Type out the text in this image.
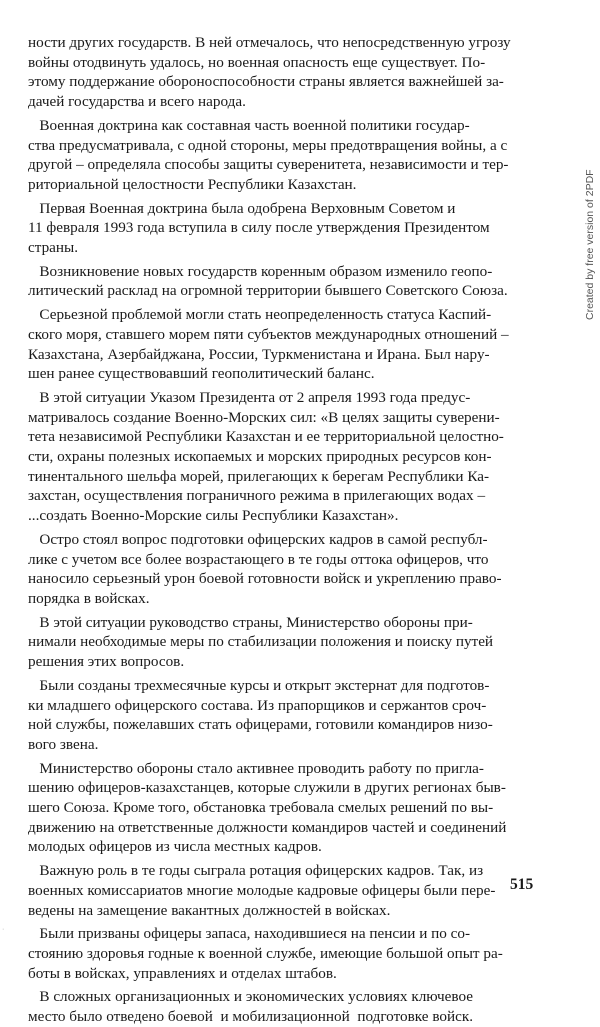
ности других государств. В ней отмечалось, что непосредственную угрозу
войны отодвинуть удалось, но военная опасность еще существует. По-
этому поддержание обороноспособности страны является важнейшей за-
дачей государства и всего народа.
Военная доктрина как составная часть военной политики государ-
ства предусматривала, с одной стороны, меры предотвращения войны, а с
другой – определяла способы защиты суверенитета, независимости и тер-
риториальной целостности Республики Казахстан.
Первая Военная доктрина была одобрена Верховным Советом и
11 февраля 1993 года вступила в силу после утверждения Президентом
страны.
Возникновение новых государств коренным образом изменило геопо-
литический расклад на огромной территории бывшего Советского Союза.
Серьезной проблемой могли стать неопределенность статуса Каспий-
ского моря, ставшего морем пяти субъектов международных отношений –
Казахстана, Азербайджана, России, Туркменистана и Ирана. Был нару-
шен ранее существовавший геополитический баланс.
В этой ситуации Указом Президента от 2 апреля 1993 года предус-
матривалось создание Военно-Морских сил: «В целях защиты суверени-
тета независимой Республики Казахстан и ее территориальной целостно-
сти, охраны полезных ископаемых и морских природных ресурсов кон-
тинентального шельфа морей, прилегающих к берегам Республики Ка-
захстан, осуществления пограничного режима в прилегающих водах –
...создать Военно-Морские силы Республики Казахстан».
Остро стоял вопрос подготовки офицерских кадров в самой республ-
лике с учетом все более возрастающего в те годы оттока офицеров, что
наносило серьезный урон боевой готовности войск и укреплению право-
порядка в войсках.
В этой ситуации руководство страны, Министерство обороны при-
нимали необходимые меры по стабилизации положения и поиску путей
решения этих вопросов.
Были созданы трехмесячные курсы и открыт экстернат для подготов-
ки младшего офицерского состава. Из прапорщиков и сержантов сроч-
ной службы, пожелавших стать офицерами, готовили командиров низо-
вого звена.
Министерство обороны стало активнее проводить работу по пригла-
шению офицеров-казахстанцев, которые служили в других регионах быв-
шего Союза. Кроме того, обстановка требовала смелых решений по вы-
движению на ответственные должности командиров частей и соединений
молодых офицеров из числа местных кадров.
Важную роль в те годы сыграла ротация офицерских кадров. Так, из
военных комиссариатов многие молодые кадровые офицеры были пере-
ведены на замещение вакантных должностей в войсках.
Были призваны офицеры запаса, находившиеся на пенсии и по со-
стоянию здоровья годные к военной службе, имеющие большой опыт ра-
боты в войсках, управлениях и отделах штабов.
В сложных организационных и экономических условиях ключевое
место было отведено боевой  и мобилизационной  подготовке войск.
515
Created by free version of 2PDF
·
